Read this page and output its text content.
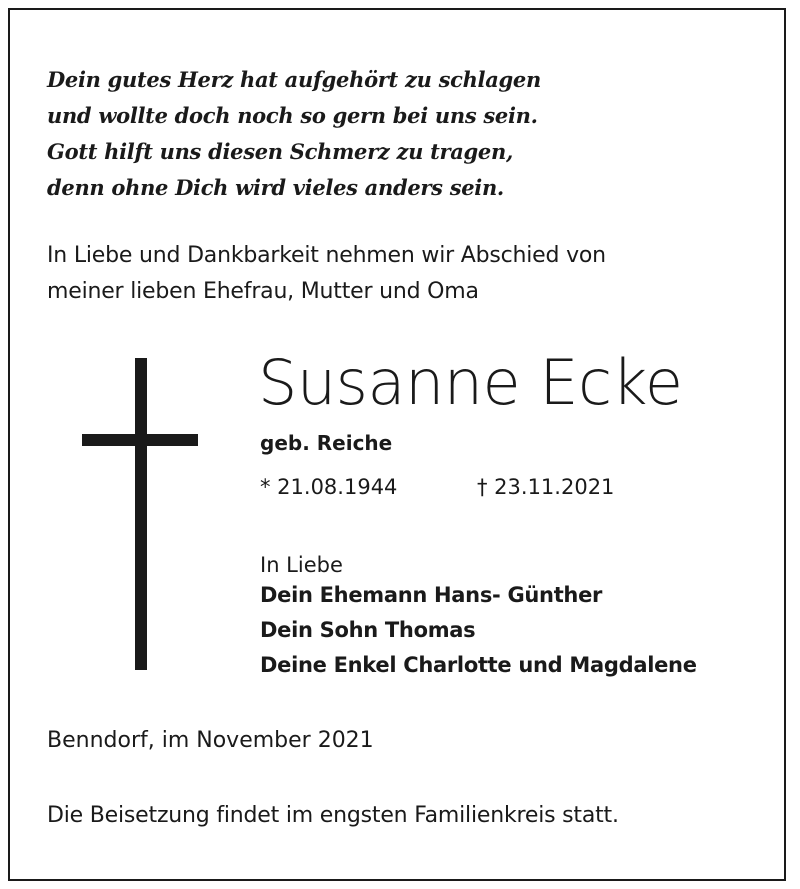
Dein gutes Herz hat aufgehört zu schlagen
und wollte doch noch so gern bei uns sein.
Gott hilft uns diesen Schmerz zu tragen,
denn ohne Dich wird vieles anders sein.
In Liebe und Dankbarkeit nehmen wir Abschied von
meiner lieben Ehefrau, Mutter und Oma
Susanne Ecke
geb. Reiche
* 21.08.1944	† 23.11.2021
In Liebe
Dein Ehemann Hans- Günther
Dein Sohn Thomas
Deine Enkel Charlotte und Magdalene
Benndorf, im November 2021
Die Beisetzung findet im engsten Familienkreis statt.
